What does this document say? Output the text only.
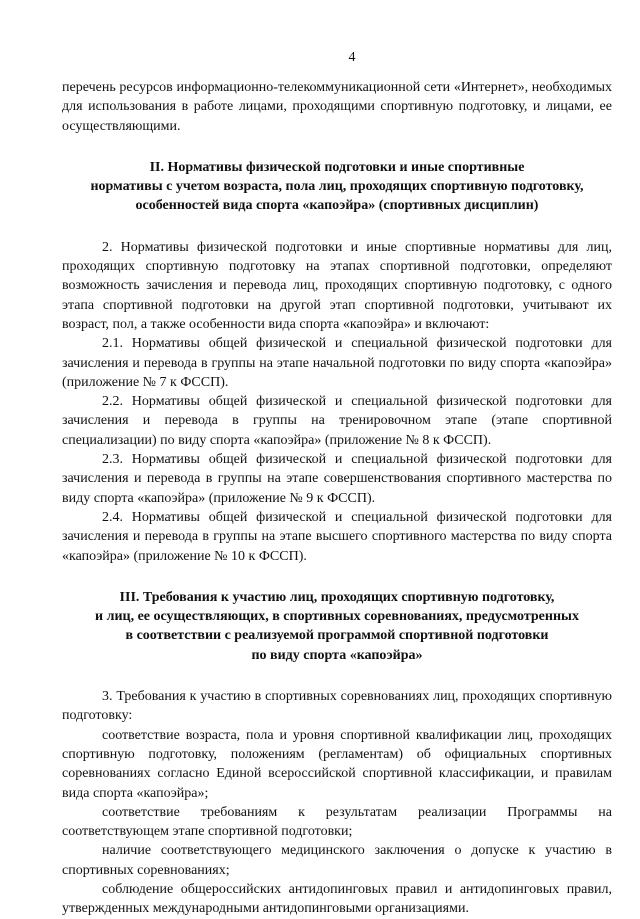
4

перечень ресурсов информационно-телекоммуникационной сети «Интернет», необходимых для использования в работе лицами, проходящими спортивную подготовку, и лицами, ее осуществляющими.

II. Нормативы физической подготовки и иные спортивные
нормативы с учетом возраста, пола лиц, проходящих спортивную подготовку,
особенностей вида спорта «капоэйра» (спортивных дисциплин)

2. Нормативы физической подготовки и иные спортивные нормативы для лиц, проходящих спортивную подготовку на этапах спортивной подготовки, определяют возможность зачисления и перевода лиц, проходящих спортивную подготовку, с одного этапа спортивной подготовки на другой этап спортивной подготовки, учитывают их возраст, пол, а также особенности вида спорта «капоэйра» и включают:

2.1. Нормативы общей физической и специальной физической подготовки для зачисления и перевода в группы на этапе начальной подготовки по виду спорта «капоэйра» (приложение № 7 к ФССП).

2.2. Нормативы общей физической и специальной физической подготовки для зачисления и перевода в группы на тренировочном этапе (этапе спортивной специализации) по виду спорта «капоэйра» (приложение № 8 к ФССП).

2.3. Нормативы общей физической и специальной физической подготовки для зачисления и перевода в группы на этапе совершенствования спортивного мастерства по виду спорта «капоэйра» (приложение № 9 к ФССП).

2.4. Нормативы общей физической и специальной физической подготовки для зачисления и перевода в группы на этапе высшего спортивного мастерства по виду спорта «капоэйра» (приложение № 10 к ФССП).

III. Требования к участию лиц, проходящих спортивную подготовку,
и лиц, ее осуществляющих, в спортивных соревнованиях, предусмотренных
в соответствии с реализуемой программой спортивной подготовки
по виду спорта «капоэйра»

3. Требования к участию в спортивных соревнованиях лиц, проходящих спортивную подготовку:

соответствие возраста, пола и уровня спортивной квалификации лиц, проходящих спортивную подготовку, положениям (регламентам) об официальных спортивных соревнованиях согласно Единой всероссийской спортивной классификации, и правилам вида спорта «капоэйра»;

соответствие требованиям к результатам реализации Программы на соответствующем этапе спортивной подготовки;

наличие соответствующего медицинского заключения о допуске к участию в спортивных соревнованиях;

соблюдение общероссийских антидопинговых правил и антидопинговых правил, утвержденных международными антидопинговыми организациями.
